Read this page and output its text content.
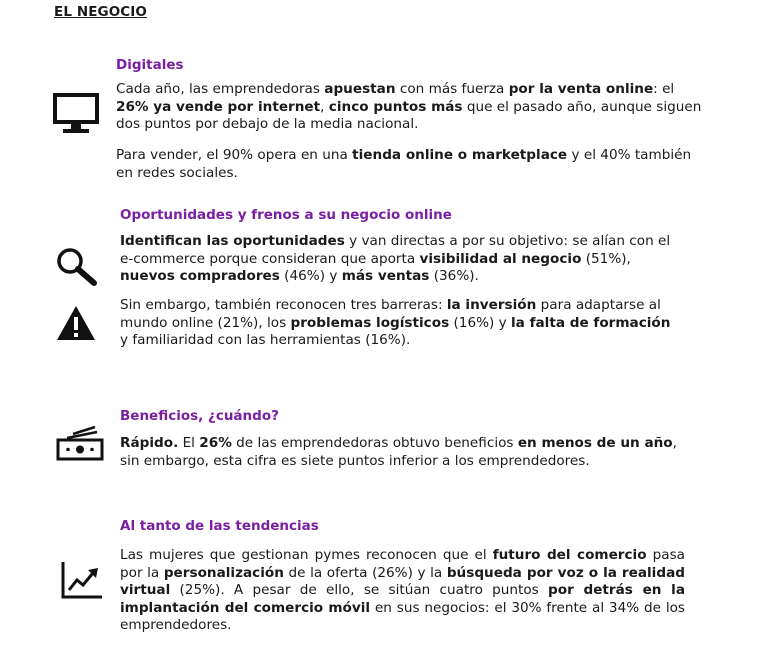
EL NEGOCIO
Digitales

Cada año, las emprendedoras apuestan con más fuerza por la venta online: el 26% ya vende por internet, cinco puntos más que el pasado año, aunque siguen dos puntos por debajo de la media nacional.

Para vender, el 90% opera en una tienda online o marketplace y el 40% también en redes sociales.

Oportunidades y frenos a su negocio online

Identifican las oportunidades y van directas a por su objetivo: se alían con el e-commerce porque consideran que aporta visibilidad al negocio (51%), nuevos compradores (46%) y más ventas (36%).

Sin embargo, también reconocen tres barreras: la inversión para adaptarse al mundo online (21%), los problemas logísticos (16%) y la falta de formación y familiaridad con las herramientas (16%).

Beneficios, ¿cuándo?

Rápido. El 26% de las emprendedoras obtuvo beneficios en menos de un año, sin embargo, esta cifra es siete puntos inferior a los emprendedores.

Al tanto de las tendencias

Las mujeres que gestionan pymes reconocen que el futuro del comercio pasa por la personalización de la oferta (26%) y la búsqueda por voz o la realidad virtual (25%). A pesar de ello, se sitúan cuatro puntos por detrás en la implantación del comercio móvil en sus negocios: el 30% frente al 34% de los emprendedores.
